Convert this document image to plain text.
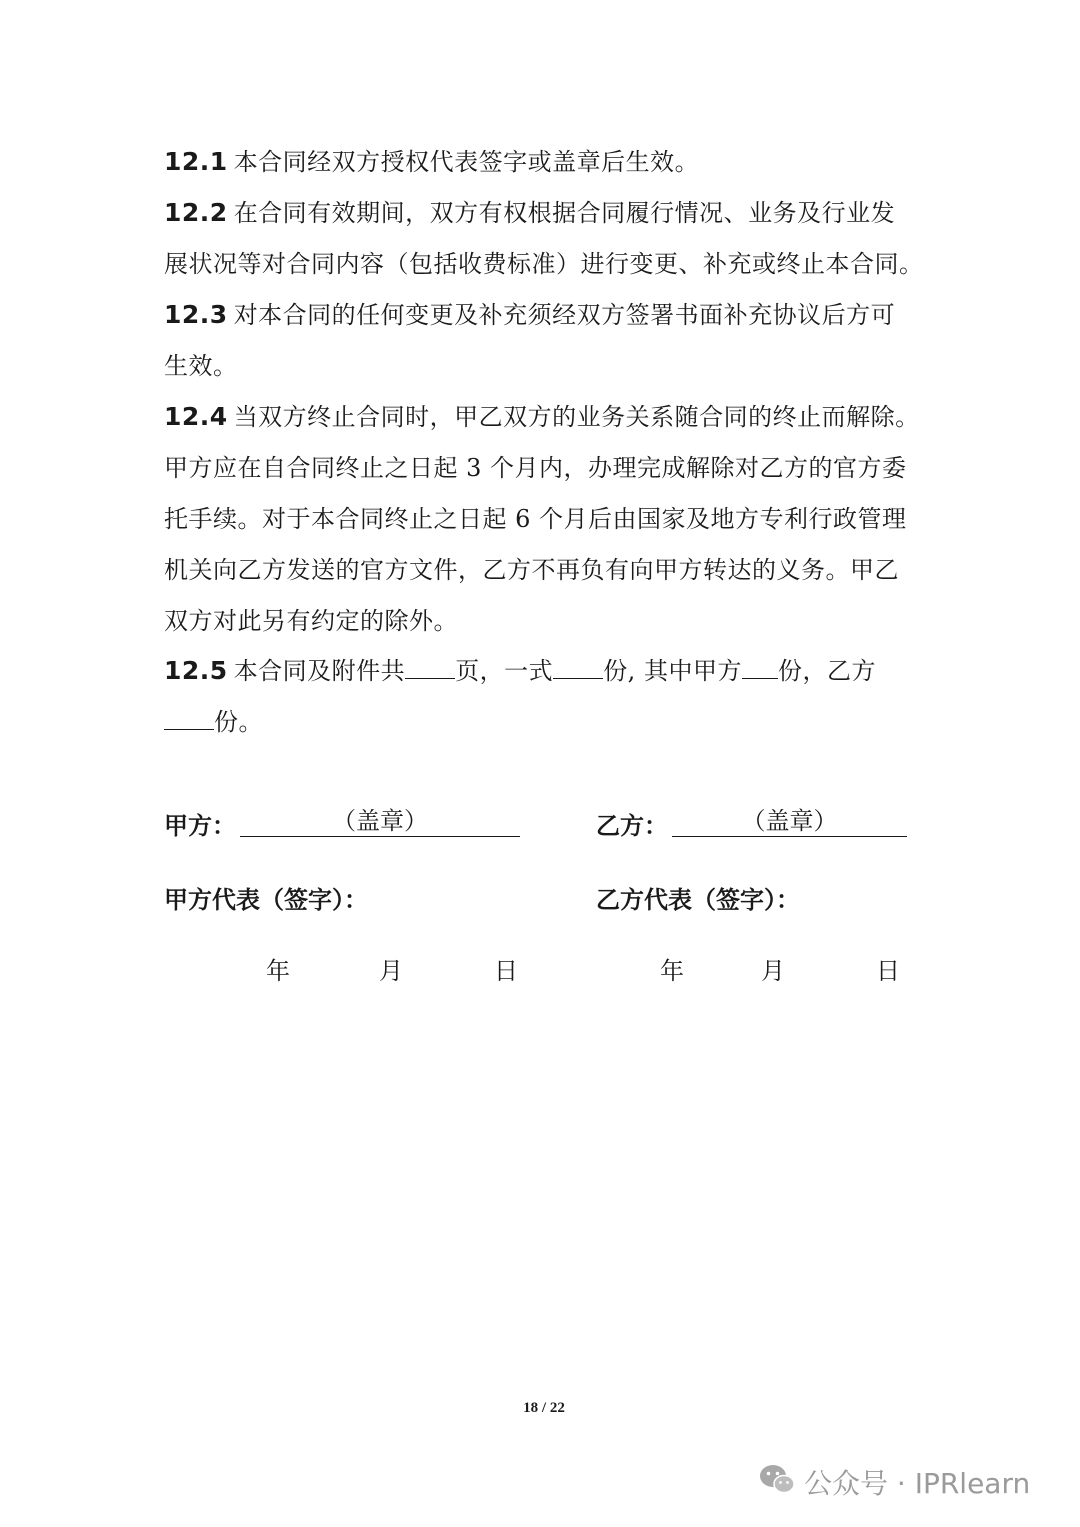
12.1 本合同经双方授权代表签字或盖章后生效。
12.2 在合同有效期间，双方有权根据合同履行情况、业务及行业发
展状况等对合同内容（包括收费标准）进行变更、补充或终止本合同。
12.3 对本合同的任何变更及补充须经双方签署书面补充协议后方可
生效。
12.4 当双方终止合同时，甲乙双方的业务关系随合同的终止而解除。
甲方应在自合同终止之日起 3 个月内，办理完成解除对乙方的官方委
托手续。对于本合同终止之日起 6 个月后由国家及地方专利行政管理
机关向乙方发送的官方文件，乙方不再负有向甲方转达的义务。甲乙
双方对此另有约定的除外。
12.5 本合同及附件共 页，一式 份, 其中甲方 份，乙方
份。
甲方：	（盖章）	乙方：	（盖章）
甲方代表（签字）：	乙方代表（签字）：
年	月	日	年	月	日
18 / 22
公众号 · IPRlearn
